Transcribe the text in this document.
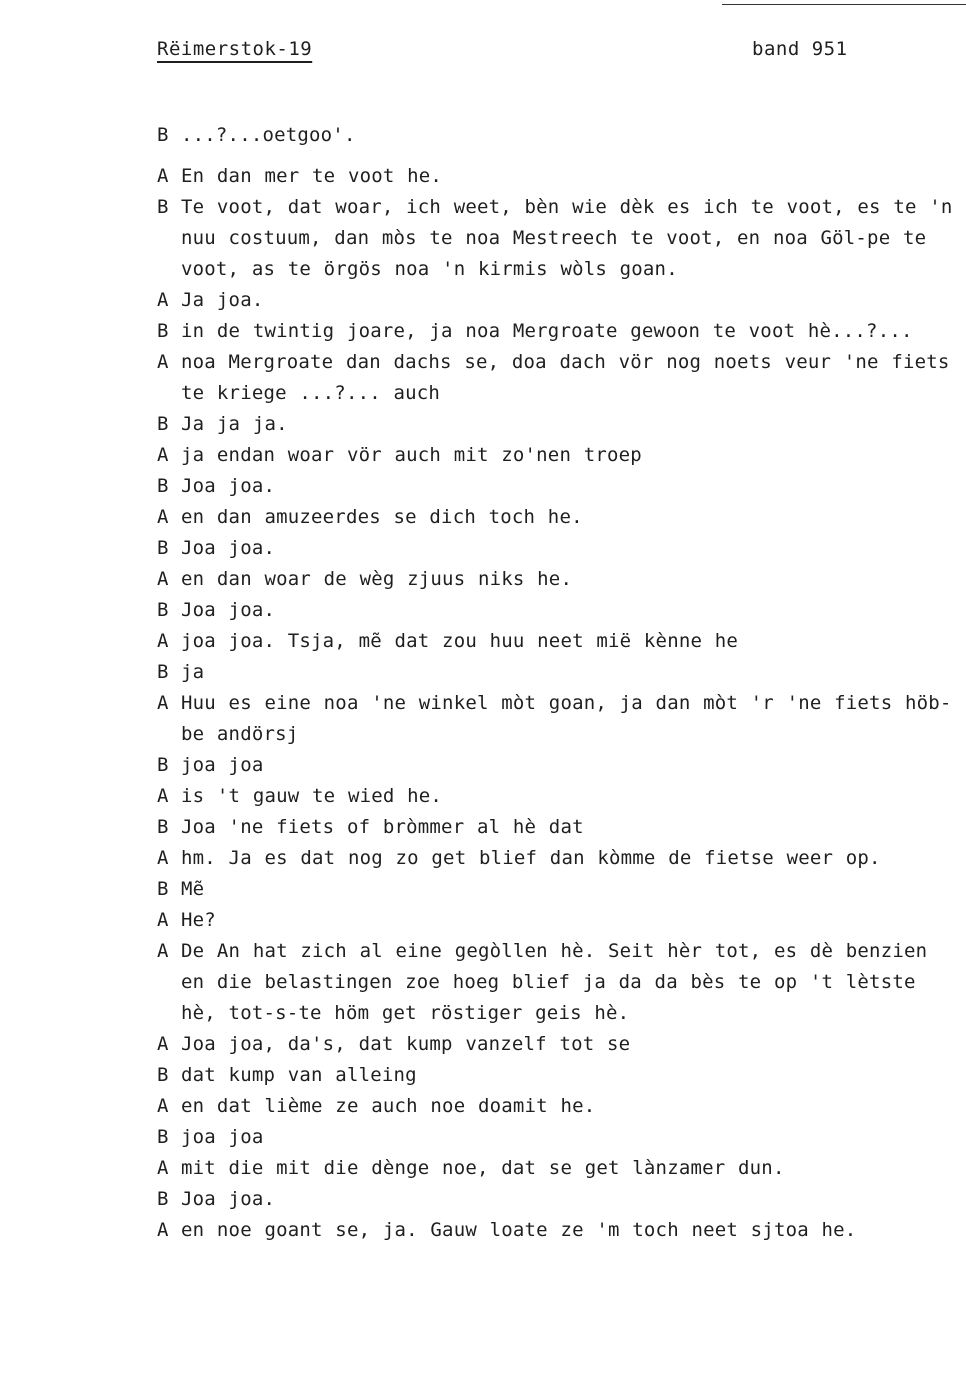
Rëimerstok-19	band 951
B ...?...oetgoo'.
A En dan mer te voot he.
B Te voot, dat woar, ich weet, bèn wie dèk es ich te voot, es te 'n nuu costuum, dan mòs te noa Mestreech te voot, en noa Göl-pe te voot, as te örgös noa 'n kirmis wòls goan.
A Ja joa.
B in de twintig joare, ja noa Mergroate gewoon te voot hè...?...
A noa Mergroate dan dachs se, doa dach vör nog noets veur 'ne fiets te kriege ...?... auch
B Ja ja ja.
A ja endan woar vör auch mit zo'nen troep
B Joa joa.
A en dan amuzeerdes se dich toch he.
B Joa joa.
A en dan woar de wèg zjuus niks he.
B Joa joa.
A joa joa. Tsja, mẽ dat zou huu neet mië kènne he
B ja
A Huu es eine noa 'ne winkel mòt goan, ja dan mòt 'r 'ne fiets höb-be andörsj
B joa joa
A is 't gauw te wied he.
B Joa 'ne fiets of bròmmer al hè dat
A hm. Ja es dat nog zo get blief dan kòmme de fietse weer op.
B Mẽ
A He?
A De An hat zich al eine gegòllen hè. Seit hèr tot, es dè benzien en die belastingen zoe hoeg blief ja da da bès te op 't lètste hè, tot-s-te höm get röstiger geis hè.
A Joa joa, da's, dat kump vanzelf tot se
B dat kump van alleing
A en dat lième ze auch noe doamit he.
B joa joa
A mit die mit die dènge noe, dat se get lànzamer dun.
B Joa joa.
A en noe goant se, ja. Gauw loate ze 'm toch neet sjtoa he.
